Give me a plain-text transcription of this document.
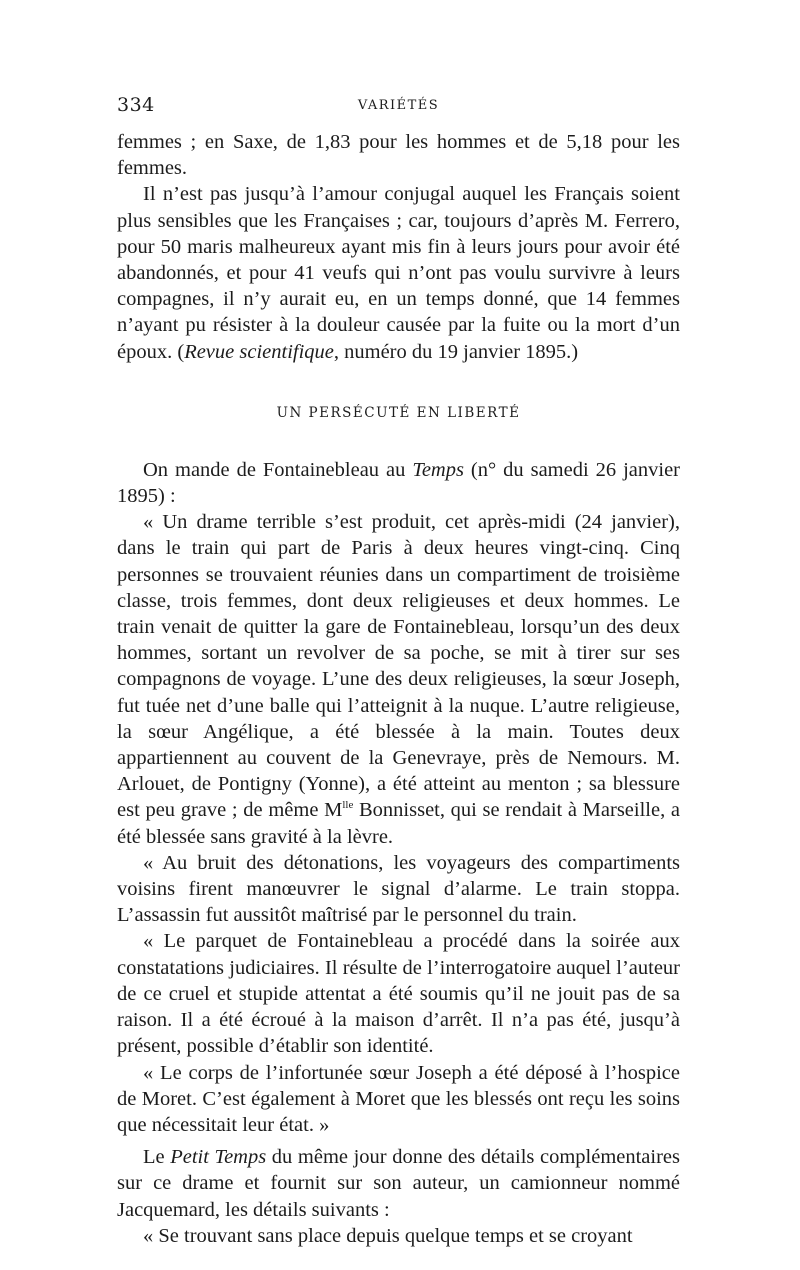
334	VARIÉTÉS

femmes ; en Saxe, de 1,83 pour les hommes et de 5,18 pour les femmes.

Il n’est pas jusqu’à l’amour conjugal auquel les Français soient plus sensibles que les Françaises ; car, toujours d’après M. Ferrero, pour 50 maris malheureux ayant mis fin à leurs jours pour avoir été abandonnés, et pour 41 veufs qui n’ont pas voulu survivre à leurs compagnes, il n’y aurait eu, en un temps donné, que 14 femmes n’ayant pu résister à la douleur causée par la fuite ou la mort d’un époux. (Revue scientifique, numéro du 19 janvier 1895.)

UN PERSÉCUTÉ EN LIBERTÉ

On mande de Fontainebleau au Temps (n° du samedi 26 janvier 1895) :

« Un drame terrible s’est produit, cet après-midi (24 janvier), dans le train qui part de Paris à deux heures vingt-cinq. Cinq personnes se trouvaient réunies dans un compartiment de troisième classe, trois femmes, dont deux religieuses et deux hommes. Le train venait de quitter la gare de Fontainebleau, lorsqu’un des deux hommes, sortant un revolver de sa poche, se mit à tirer sur ses compagnons de voyage. L’une des deux religieuses, la sœur Joseph, fut tuée net d’une balle qui l’atteignit à la nuque. L’autre religieuse, la sœur Angélique, a été blessée à la main. Toutes deux appartiennent au couvent de la Genevraye, près de Nemours. M. Arlouet, de Pontigny (Yonne), a été atteint au menton ; sa blessure est peu grave ; de même $M^{lle}$ Bonnisset, qui se rendait à Marseille, a été blessée sans gravité à la lèvre.

« Au bruit des détonations, les voyageurs des compartiments voisins firent manœuvrer le signal d’alarme. Le train stoppa. L’assassin fut aussitôt maîtrisé par le personnel du train.

« Le parquet de Fontainebleau a procédé dans la soirée aux constatations judiciaires. Il résulte de l’interrogatoire auquel l’auteur de ce cruel et stupide attentat a été soumis qu’il ne jouit pas de sa raison. Il a été écroué à la maison d’arrêt. Il n’a pas été, jusqu’à présent, possible d’établir son identité.

« Le corps de l’infortunée sœur Joseph a été déposé à l’hospice de Moret. C’est également à Moret que les blessés ont reçu les soins que nécessitait leur état. »

Le Petit Temps du même jour donne des détails complémentaires sur ce drame et fournit sur son auteur, un camionneur nommé Jacquemard, les détails suivants :

« Se trouvant sans place depuis quelque temps et se croyant
